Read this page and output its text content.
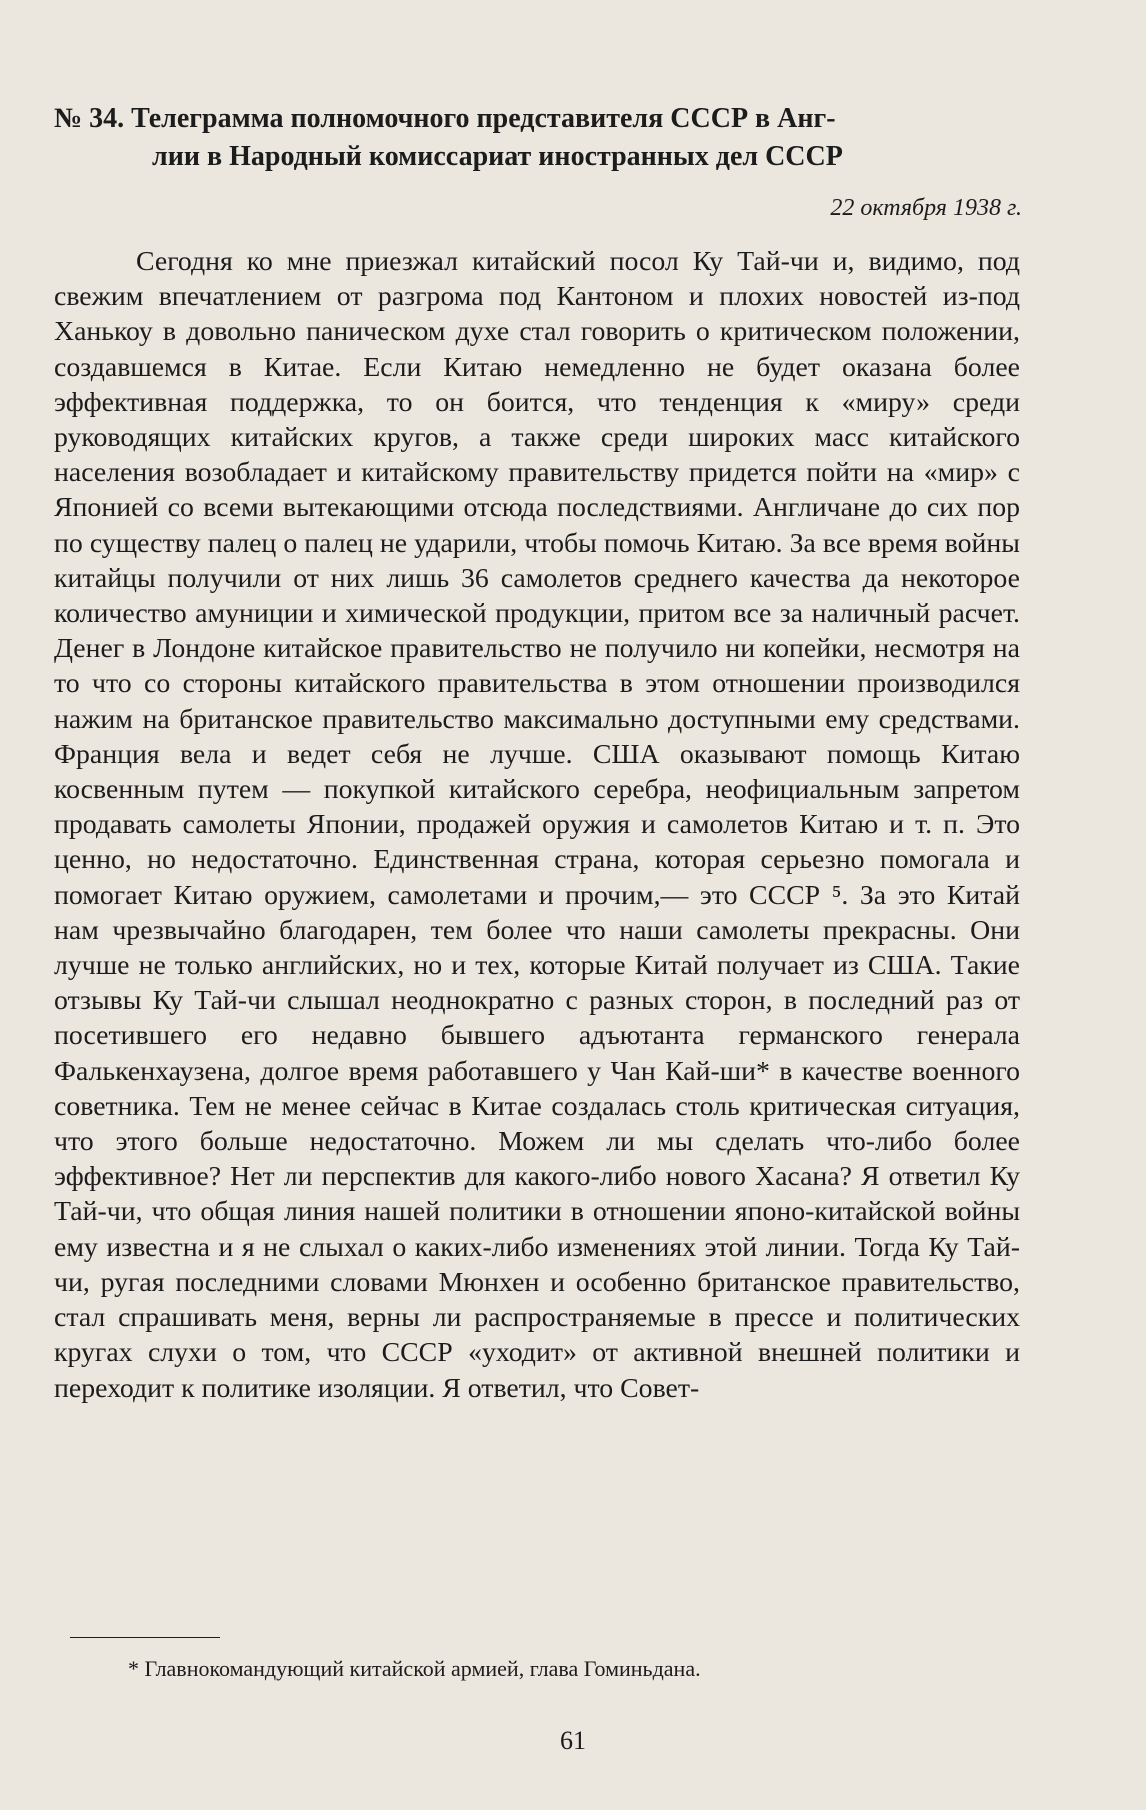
№ 34. Телеграмма полномочного представителя СССР в Анг-
лии в Народный комиссариат иностранных дел СССР

22 октября 1938 г.

Сегодня ко мне приезжал китайский посол Ку Тай-чи и, видимо, под свежим впечатлением от разгрома под Кантоном и плохих новостей из-под Ханькоу в довольно паническом духе стал говорить о критическом положении, создавшемся в Китае. Если Китаю немедленно не будет оказана более эффективная поддержка, то он боится, что тенденция к «миру» среди руководящих китайских кругов, а также среди широких масс китайского населения возобладает и китайскому правительству придется пойти на «мир» с Японией со всеми вытекающими отсюда последствиями. Англичане до сих пор по существу палец о палец не ударили, чтобы помочь Китаю. За все время войны китайцы получили от них лишь 36 самолетов среднего качества да некоторое количество амуниции и химической продукции, притом все за наличный расчет. Денег в Лондоне китайское правительство не получило ни копейки, несмотря на то что со стороны китайского правительства в этом отношении производился нажим на британское правительство максимально доступными ему средствами. Франция вела и ведет себя не лучше. США оказывают помощь Китаю косвенным путем — покупкой китайского серебра, неофициальным запретом продавать самолеты Японии, продажей оружия и самолетов Китаю и т. п. Это ценно, но недостаточно. Единственная страна, которая серьезно помогала и помогает Китаю оружием, самолетами и прочим,— это СССР ⁵. За это Китай нам чрезвычайно благодарен, тем более что наши самолеты прекрасны. Они лучше не только английских, но и тех, которые Китай получает из США. Такие отзывы Ку Тай-чи слышал неоднократно с разных сторон, в последний раз от посетившего его недавно бывшего адъютанта германского генерала Фалькенхаузена, долгое время работавшего у Чан Кай-ши* в качестве военного советника. Тем не менее сейчас в Китае создалась столь критическая ситуация, что этого больше недостаточно. Можем ли мы сделать что-либо более эффективное? Нет ли перспектив для какого-либо нового Хасана? Я ответил Ку Тай-чи, что общая линия нашей политики в отношении японо-китайской войны ему известна и я не слыхал о каких-либо изменениях этой линии. Тогда Ку Тай-чи, ругая последними словами Мюнхен и особенно британское правительство, стал спрашивать меня, верны ли распространяемые в прессе и политических кругах слухи о том, что СССР «уходит» от активной внешней политики и переходит к политике изоляции. Я ответил, что Совет-

* Главнокомандующий китайской армией, глава Гоминьдана.

61
